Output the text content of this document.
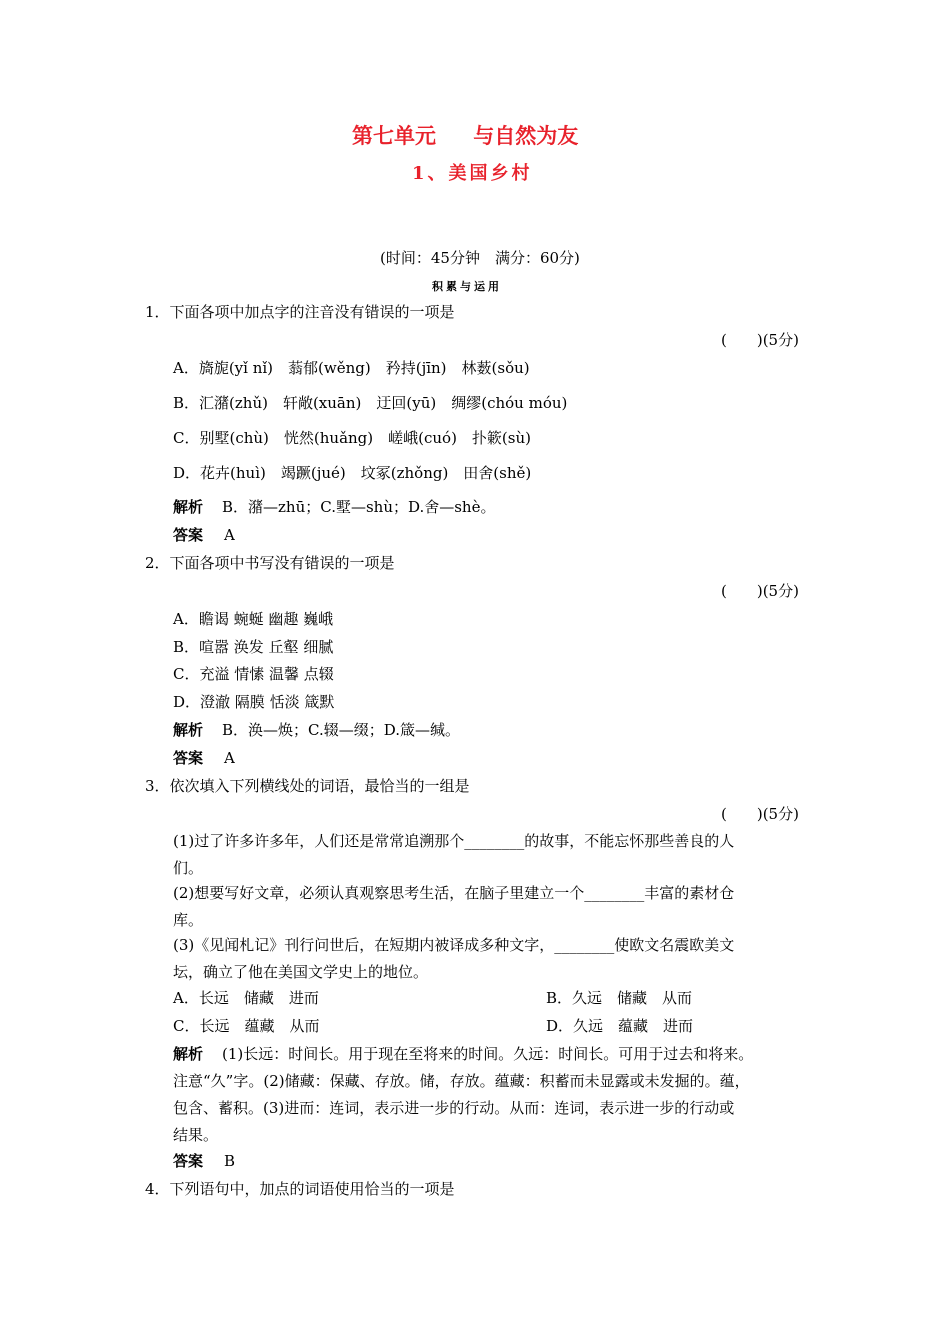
第七单元 与自然为友
1、美国乡村
(时间：45分钟　满分：60分)
积累与运用
1．下面各项中加点字的注音没有错误的一项是
(　　)(5分)
A．旖旎(yǐ nǐ)　蓊郁(wěng)　矜持(jīn)　林薮(sǒu)
B．汇潴(zhǔ)　轩敞(xuān)　迂回(yū)　绸缪(chóu móu)
C．别墅(chù)　恍然(huǎng)　嵯峨(cuó)　扑簌(sù)
D．花卉(huì)　竭蹶(jué)　坟冢(zhǒng)　田舍(shě)
解析 B．潴—zhū；C.墅—shù；D.舍—shè。
答案 A
2．下面各项中书写没有错误的一项是
(　　)(5分)
A．瞻谒 蜿蜒 幽趣 巍峨
B．喧嚣 涣发 丘壑 细腻
C．充溢 情愫 温馨 点辍
D．澄澈 隔膜 恬淡 箴默
解析 B．涣—焕；C.辍—缀；D.箴—缄。
答案 A
3．依次填入下列横线处的词语，最恰当的一组是
(　　)(5分)
(1)过了许多许多年，人们还是常常追溯那个________的故事，不能忘怀那些善良的人
们。
(2)想要写好文章，必须认真观察思考生活，在脑子里建立一个________丰富的素材仓
库。
(3)《见闻札记》刊行问世后，在短期内被译成多种文字，________使欧文名震欧美文
坛，确立了他在美国文学史上的地位。
A．长远　储藏　进而	B．久远　储藏　从而
C．长远　蕴藏　从而	D．久远　蕴藏　进而
解析 (1)长远：时间长。用于现在至将来的时间。久远：时间长。可用于过去和将来。
注意“久”字。(2)储藏：保藏、存放。储，存放。蕴藏：积蓄而未显露或未发掘的。蕴，
包含、蓄积。(3)进而：连词，表示进一步的行动。从而：连词，表示进一步的行动或
结果。
答案 B
4．下列语句中，加点的词语使用恰当的一项是
